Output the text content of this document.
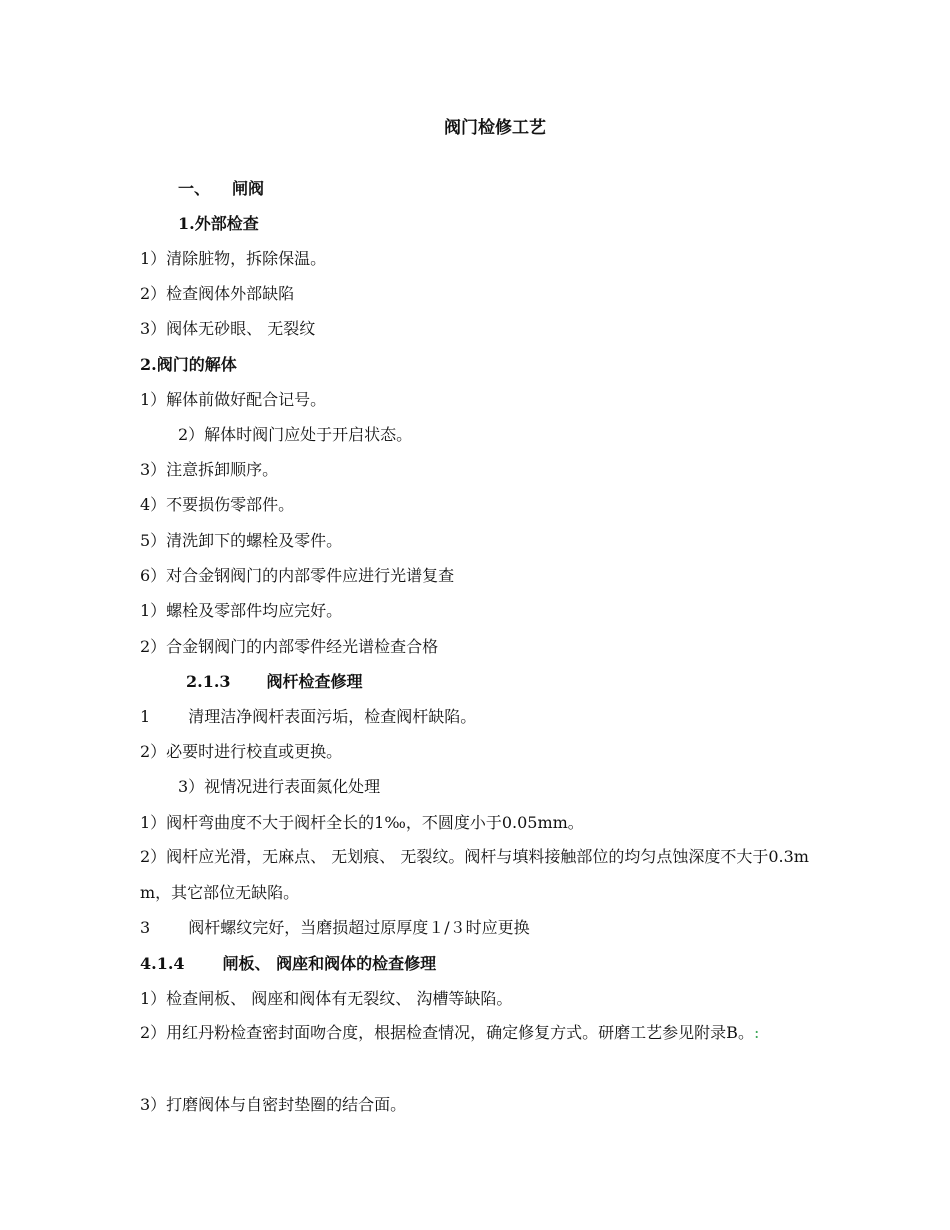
阀门检修工艺
一、 闸阀
1.外部检查
1）清除脏物，拆除保温。
2）检查阀体外部缺陷
3）阀体无砂眼、 无裂纹
2.阀门的解体
1）解体前做好配合记号。
2）解体时阀门应处于开启状态。
3）注意拆卸顺序。
4）不要损伤零部件。
5）清洗卸下的螺栓及零件。
6）对合金钢阀门的内部零件应进行光谱复查
1）螺栓及零部件均应完好。
2）合金钢阀门的内部零件经光谱检查合格
2.1.3 阀杆检查修理
1 清理洁净阀杆表面污垢，检查阀杆缺陷。
2）必要时进行校直或更换。
3）视情况进行表面氮化处理
1）阀杆弯曲度不大于阀杆全长的1‰，不圆度小于0.05mm。
2）阀杆应光滑，无麻点、 无划痕、 无裂纹。阀杆与填料接触部位的均匀点蚀深度不大于0.3mm，其它部位无缺陷。
3 阀杆螺纹完好，当磨损超过原厚度１/３时应更换
4.1.4 闸板、 阀座和阀体的检查修理
1）检查闸板、 阀座和阀体有无裂纹、 沟槽等缺陷。
2）用红丹粉检查密封面吻合度，根据检查情况，确定修复方式。研磨工艺参见附录B。:
3）打磨阀体与自密封垫圈的结合面。
